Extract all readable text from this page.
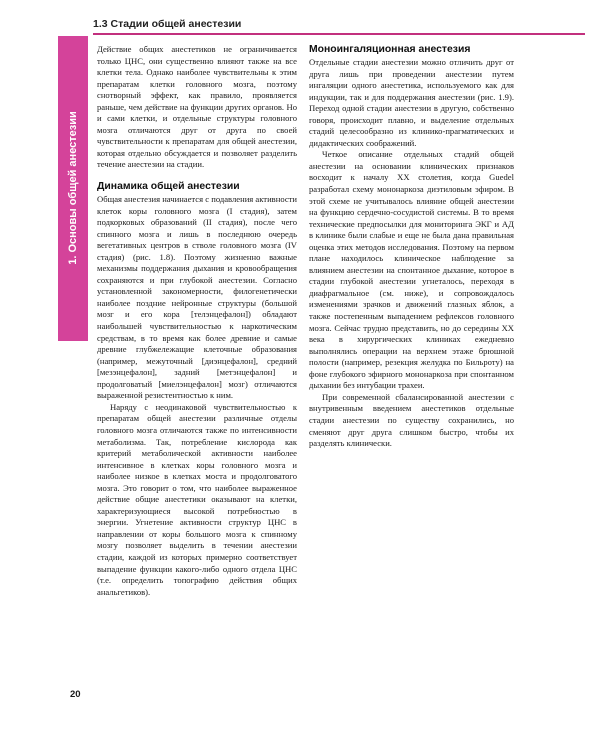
1.3 Стадии общей анестезии
1. Основы общей анестезии

Действие общих анестетиков не ограничивается только ЦНС, они существенно влияют также на все клетки тела. Однако наиболее чувствительны к этим препаратам клетки головного мозга, поэтому снотворный эффект, как правило, проявляется раньше, чем действие на функции других органов. Но и сами клетки, и отдельные структуры головного мозга отличаются друг от друга по своей чувствительности к препаратам для общей анестезии, которая отдельно обсуждается и позволяет разделить течение анестезии на стадии.

Динамика общей анестезии

Общая анестезия начинается с подавления активности клеток коры головного мозга (I стадия), затем подкорковых образований (II стадия), после чего спинного мозга и лишь в последнюю очередь вегетативных центров в стволе головного мозга (IV стадия) (рис. 1.8). Поэтому жизненно важные механизмы поддержания дыхания и кровообращения сохраняются и при глубокой анестезии. Согласно установленной закономерности, филогенетически наиболее поздние нейронные структуры (большой мозг и его кора [телэнцефалон]) обладают наибольшей чувствительностью к наркотическим средствам, в то время как более древние и самые древние глубжележащие клеточные образования (например, межуточный [диэнцефалон], средний [мезэнцефалон], задний [метэнцефалон] и продолговатый [миелэнцефалон] мозг) отличаются выраженной резистентностью к ним.

Наряду с неодинаковой чувствительностью к препаратам общей анестезии различные отделы головного мозга отличаются также по интенсивности метаболизма. Так, потребление кислорода как критерий метаболической активности наиболее интенсивное в клетках коры головного мозга и наиболее низкое в клетках моста и продолговатого мозга. Это говорит о том, что наиболее выраженное действие общие анестетики оказывают на клетки, характеризующиеся высокой потребностью в энергии. Угнетение активности структур ЦНС в направлении от коры большого мозга к спинному мозгу позволяет выделить в течении анестезии стадии, каждой из которых примерно соответствует выпадение функции какого-либо одного отдела ЦНС (т.е. определить топографию действия общих анальгетиков).

Моноингаляционная анестезия

Отдельные стадии анестезии можно отличить друг от друга лишь при проведении анестезии путем ингаляции одного анестетика, используемого как для индукции, так и для поддержания анестезии (рис. 1.9). Переход одной стадии анестезии в другую, собственно говоря, происходит плавно, и выделение отдельных стадий целесообразно из клинико-прагматических и дидактических соображений.

Четкое описание отдельных стадий общей анестезии на основании клинических признаков восходит к началу XX столетия, когда Guedel разработал схему мононаркоза диэтиловым эфиром. В этой схеме не учитывалось влияние общей анестезии на функцию сердечно-сосудистой системы. В то время технические предпосылки для мониторинга ЭКГ и АД в клинике были слабые и еще не была дана правильная оценка этих методов исследования. Поэтому на первом плане находилось клиническое наблюдение за влиянием анестезии на спонтанное дыхание, которое в стадии глубокой анестезии угнеталось, переходя в диафрагмальное (см. ниже), и сопровождалось изменениями зрачков и движений глазных яблок, а также постепенным выпадением рефлексов головного мозга. Сейчас трудно представить, но до середины XX века в хирургических клиниках ежедневно выполнялись операции на верхнем этаже брюшной полости (например, резекция желудка по Бильроту) на фоне глубокого эфирного мононаркоза при спонтанном дыхании без интубации трахеи.

При современной сбалансированной анестезии с внутривенным введением анестетиков отдельные стадии анестезии по существу сохранились, но сменяют друг друга слишком быстро, чтобы их разделять клинически.

20
